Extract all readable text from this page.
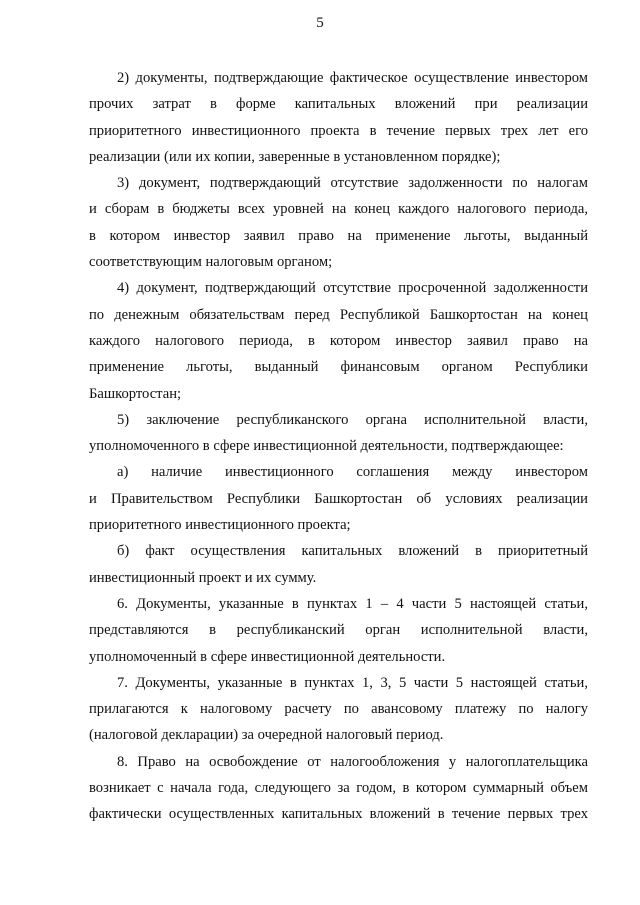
5
2) документы, подтверждающие фактическое осуществление инвестором
прочих затрат в форме капитальных вложений при реализации
приоритетного инвестиционного проекта в течение первых трех лет его
реализации (или их копии, заверенные в установленном порядке);
3) документ, подтверждающий отсутствие задолженности по налогам
и сборам в бюджеты всех уровней на конец каждого налогового периода,
в котором инвестор заявил право на применение льготы, выданный
соответствующим налоговым органом;
4) документ, подтверждающий отсутствие просроченной задолженности
по денежным обязательствам перед Республикой Башкортостан на конец
каждого налогового периода, в котором инвестор заявил право на
применение льготы, выданный финансовым органом Республики
Башкортостан;
5) заключение республиканского органа исполнительной власти,
уполномоченного в сфере инвестиционной деятельности, подтверждающее:
а) наличие инвестиционного соглашения между инвестором
и Правительством Республики Башкортостан об условиях реализации
приоритетного инвестиционного проекта;
б) факт осуществления капитальных вложений в приоритетный
инвестиционный проект и их сумму.
6. Документы, указанные в пунктах 1 – 4 части 5 настоящей статьи,
представляются в республиканский орган исполнительной власти,
уполномоченный в сфере инвестиционной деятельности.
7. Документы, указанные в пунктах 1, 3, 5 части 5 настоящей статьи,
прилагаются к налоговому расчету по авансовому платежу по налогу
(налоговой декларации) за очередной налоговый период.
8. Право на освобождение от налогообложения у налогоплательщика
возникает с начала года, следующего за годом, в котором суммарный объем
фактически осуществленных капитальных вложений в течение первых трех
